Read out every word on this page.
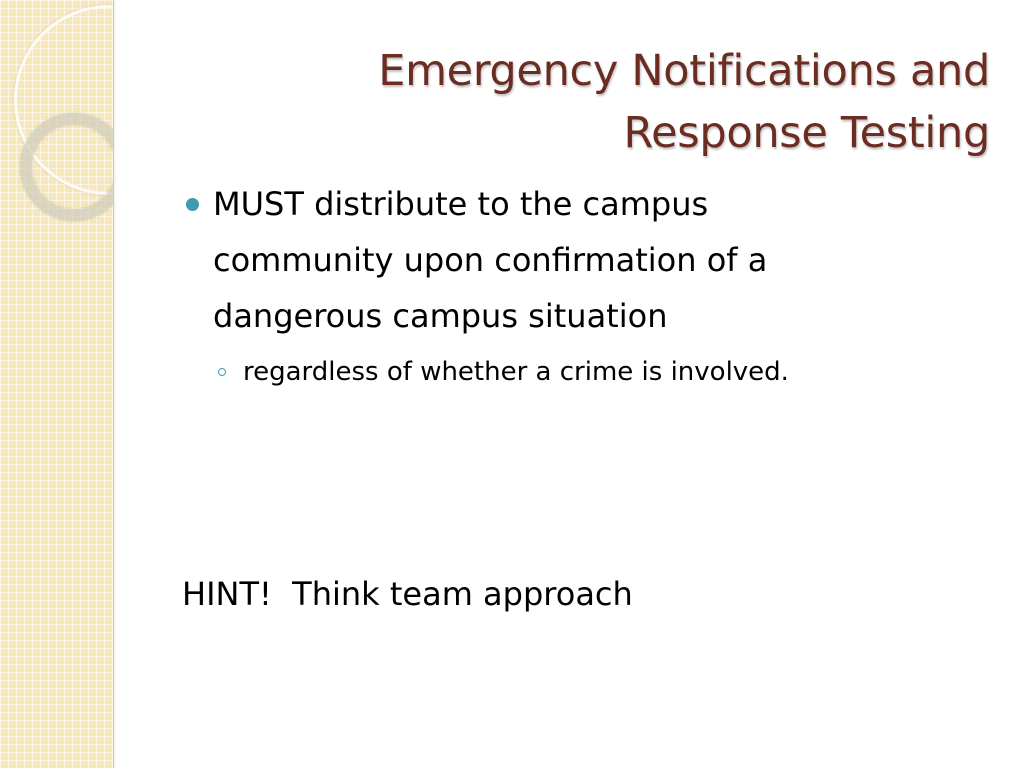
Emergency Notifications and
Response Testing
MUST distribute to the campus community upon confirmation of a dangerous campus situation
regardless of whether a crime is involved.
HINT!  Think team approach
